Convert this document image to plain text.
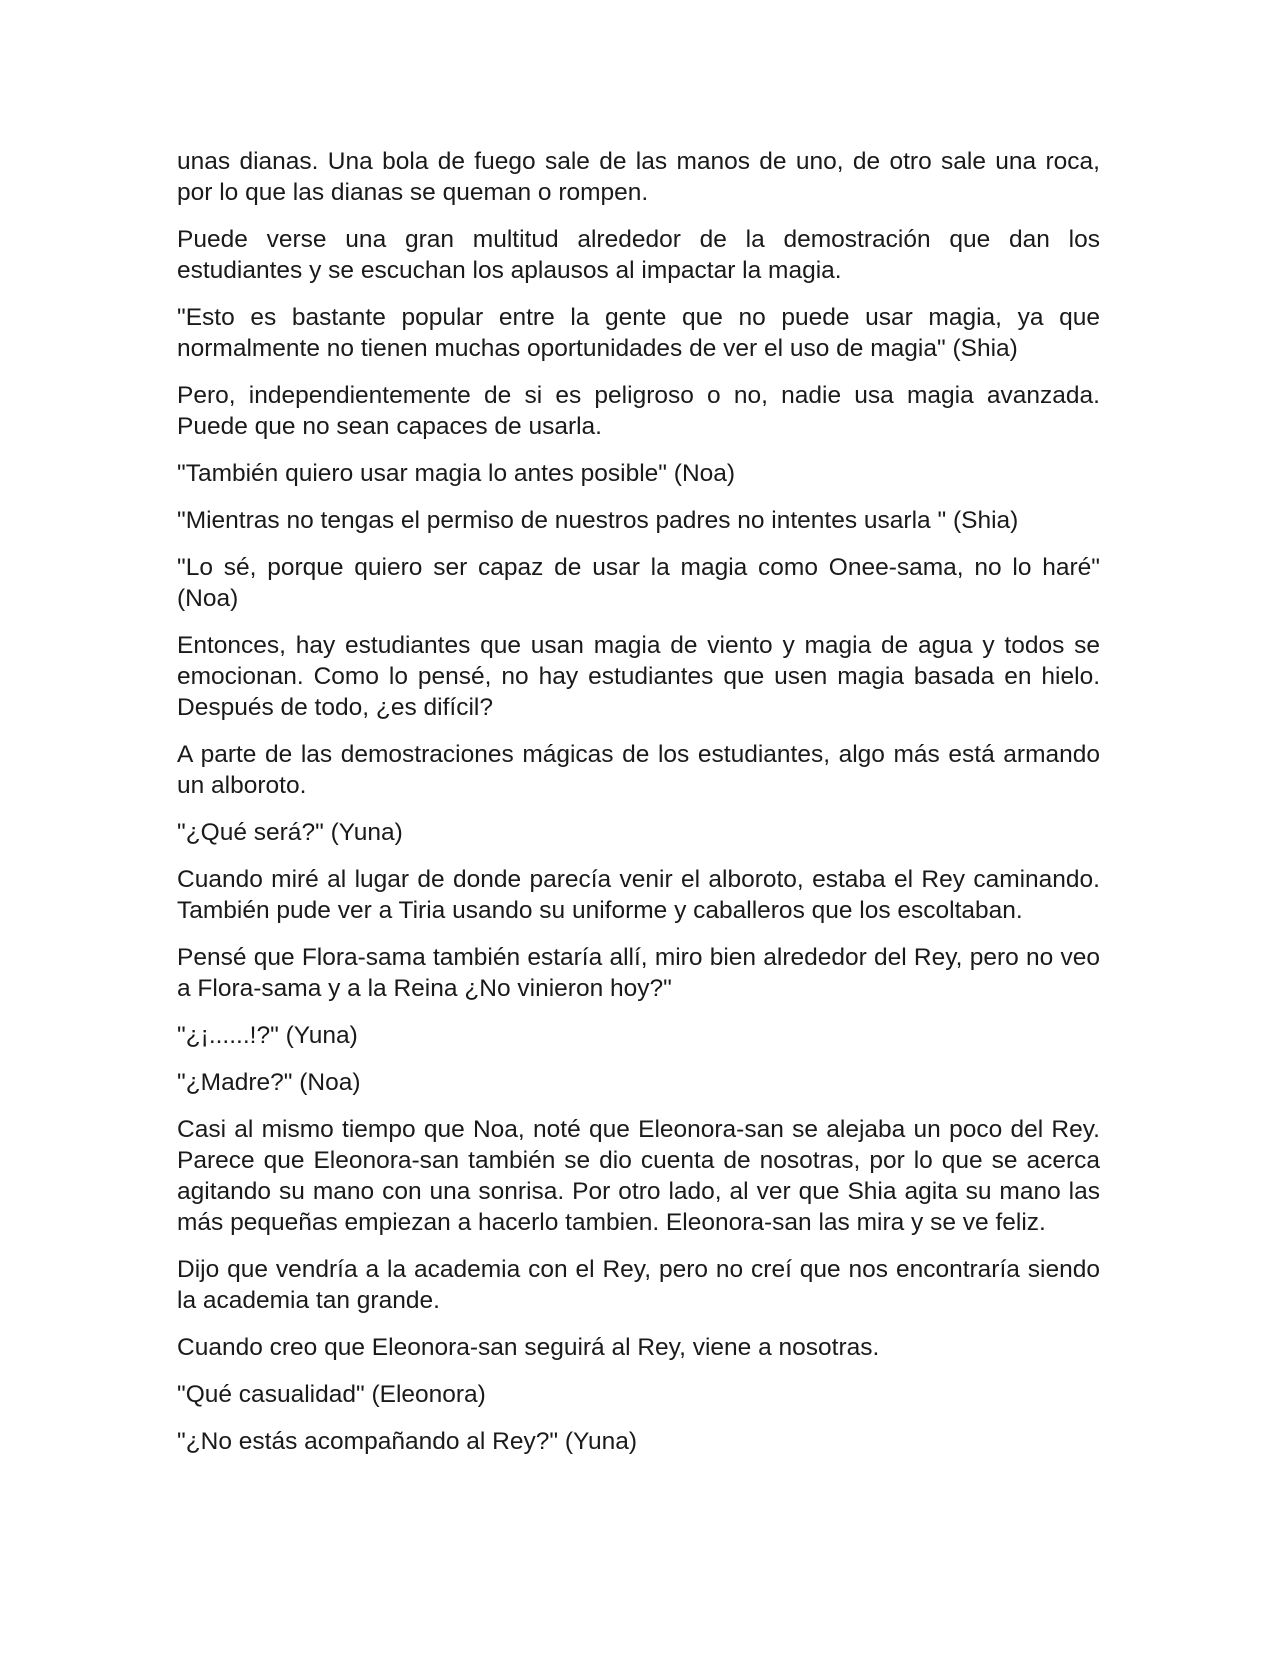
unas dianas. Una bola de fuego sale de las manos de uno, de otro sale una roca, por lo que las dianas se queman o rompen.

Puede verse una gran multitud alrededor de la demostración que dan los estudiantes y se escuchan los aplausos al impactar la magia.

"Esto es bastante popular entre la gente que no puede usar magia, ya que normalmente no tienen muchas oportunidades de ver el uso de magia" (Shia)

Pero, independientemente de si es peligroso o no, nadie usa magia avanzada. Puede que no sean capaces de usarla.

"También quiero usar magia lo antes posible" (Noa)

"Mientras no tengas el permiso de nuestros padres no intentes usarla " (Shia)

"Lo sé, porque quiero ser capaz de usar la magia como Onee-sama, no lo haré" (Noa)

Entonces, hay estudiantes que usan magia de viento y magia de agua y todos se emocionan. Como lo pensé, no hay estudiantes que usen magia basada en hielo. Después de todo, ¿es difícil?

A parte de las demostraciones mágicas de los estudiantes, algo más está armando un alboroto.

"¿Qué será?" (Yuna)

Cuando miré al lugar de donde parecía venir el alboroto, estaba el Rey caminando. También pude ver a Tiria usando su uniforme y caballeros que los escoltaban.

Pensé que Flora-sama también estaría allí, miro bien alrededor del Rey, pero no veo a Flora-sama y a la Reina ¿No vinieron hoy?"

"¿¡......!?" (Yuna)

"¿Madre?" (Noa)

Casi al mismo tiempo que Noa, noté que Eleonora-san se alejaba un poco del Rey. Parece que Eleonora-san también se dio cuenta de nosotras, por lo que se acerca agitando su mano con una sonrisa. Por otro lado, al ver que Shia agita su mano las más pequeñas empiezan a hacerlo tambien. Eleonora-san las mira y se ve feliz.

Dijo que vendría a la academia con el Rey, pero no creí que nos encontraría siendo la academia tan grande.

Cuando creo que Eleonora-san seguirá al Rey, viene a nosotras.

"Qué casualidad" (Eleonora)

"¿No estás acompañando al Rey?" (Yuna)
